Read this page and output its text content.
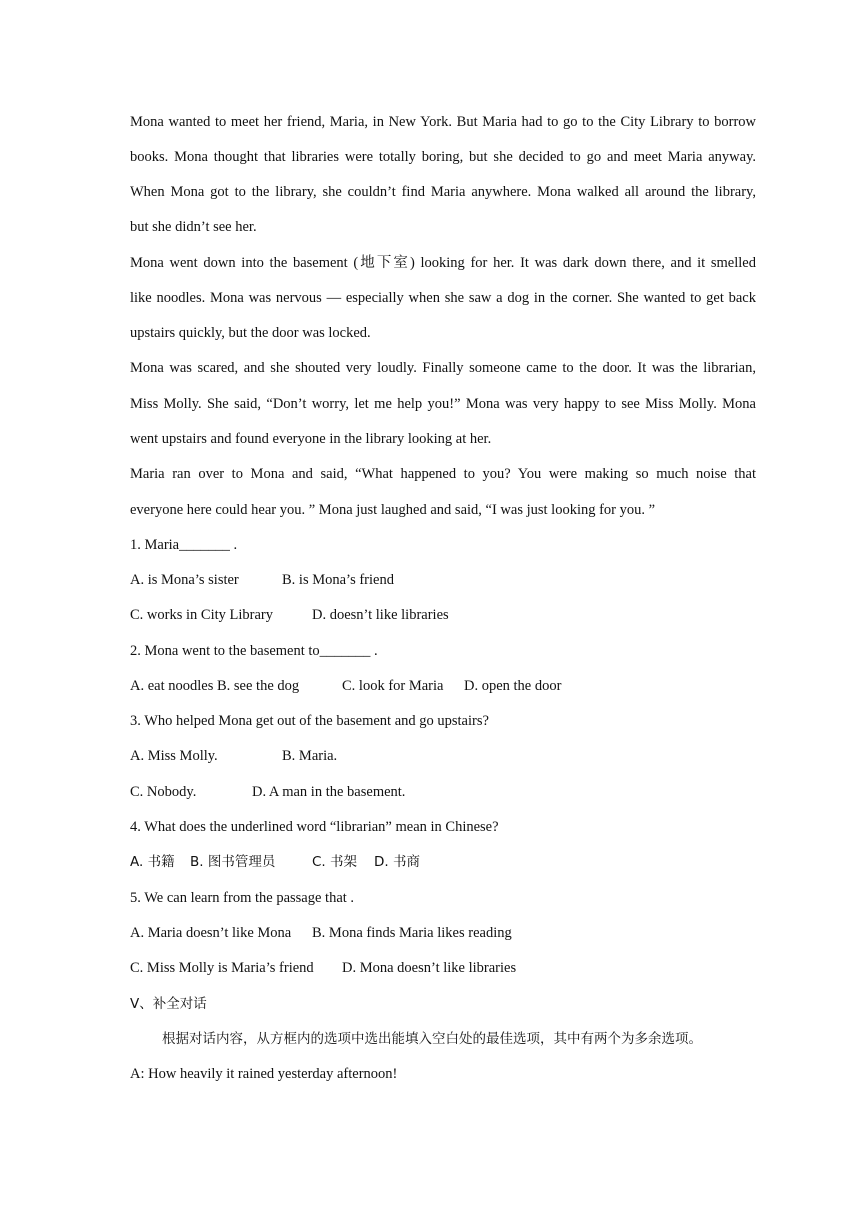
Mona wanted to meet her friend, Maria, in New York. But Maria had to go to the City Library to borrow
books. Mona thought that libraries were totally boring, but she decided to go and meet Maria anyway.
When Mona got to the library, she couldn’t find Maria anywhere. Mona walked all around the library,
but she didn’t see her.
Mona went down into the basement (地下室) looking for her. It was dark down there, and it smelled
like noodles. Mona was nervous — especially when she saw a dog in the corner. She wanted to get back
upstairs quickly, but the door was locked.
Mona was scared, and she shouted very loudly. Finally someone came to the door. It was the librarian,
Miss Molly. She said, “Don’t worry, let me help you!” Mona was very happy to see Miss Molly. Mona
went upstairs and found everyone in the library looking at her.
Maria ran over to Mona and said, “What happened to you? You were making so much noise that
everyone here could hear you. ” Mona just laughed and said, “I was just looking for you. ”
1. Maria_______ .
A. is Mona’s sister	B. is Mona’s friend
C. works in City Library	D. doesn’t like libraries
2. Mona went to the basement to_______ .
A. eat noodles B. see the dog	C. look for Maria D. open the door
3. Who helped Mona get out of the basement and go upstairs?
A. Miss Molly.	B. Maria.
C. Nobody.	D. A man in the basement.
4. What does the underlined word “librarian” mean in Chinese?
A. 书籍 B. 图书管理员	C. 书架 D. 书商
5. We can learn from the passage that .
A. Maria doesn’t like Mona B. Mona finds Maria likes reading
C. Miss Molly is Maria’s friend D. Mona doesn’t like libraries
V、补全对话
根据对话内容，从方框内的选项中选出能填入空白处的最佳选项，其中有两个为多余选项。
A: How heavily it rained yesterday afternoon!
